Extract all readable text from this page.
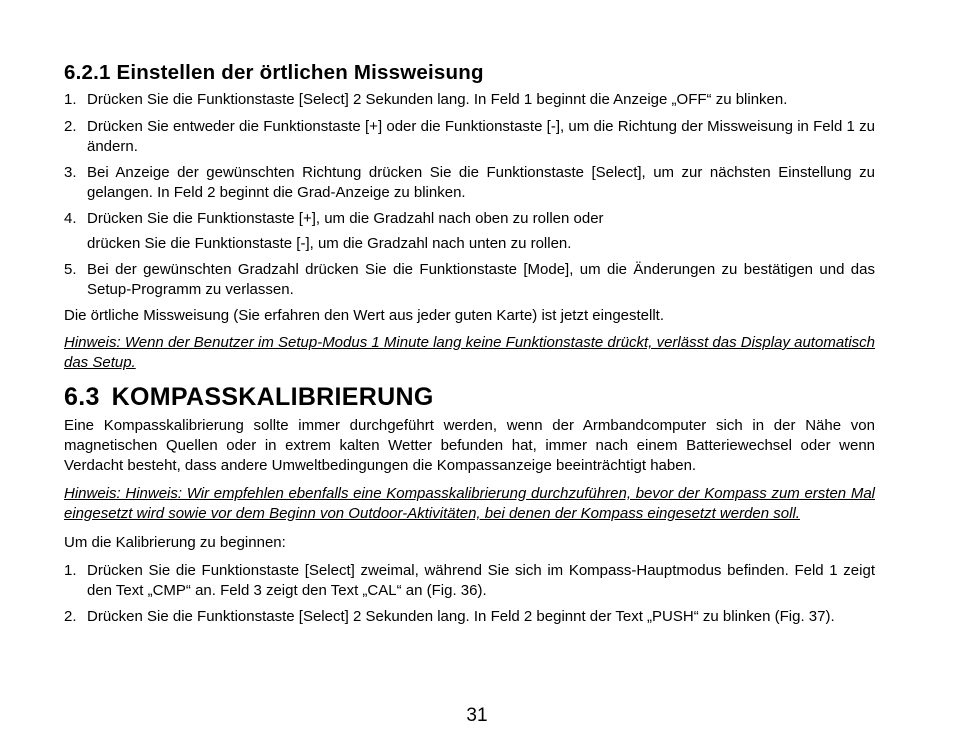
6.2.1 Einstellen der örtlichen Missweisung
1. Drücken Sie die Funktionstaste [Select] 2 Sekunden lang. In Feld 1 beginnt die Anzeige „OFF“ zu blinken.
2. Drücken Sie entweder die Funktionstaste [+] oder die Funktionstaste [-], um die Richtung der Missweisung in Feld 1 zu ändern.
3. Bei Anzeige der gewünschten Richtung drücken Sie die Funktionstaste [Select], um zur nächsten Einstellung zu gelangen. In Feld 2 beginnt die Grad-Anzeige zu blinken.
4. Drücken Sie die Funktionstaste [+], um die Gradzahl nach oben zu rollen oder
drücken Sie die Funktionstaste [-], um die Gradzahl nach unten zu rollen.
5. Bei der gewünschten Gradzahl drücken Sie die Funktionstaste [Mode], um die Änderungen zu bestätigen und das Setup-Programm zu verlassen.

Die örtliche Missweisung (Sie erfahren den Wert aus jeder guten Karte) ist jetzt eingestellt.

Hinweis: Wenn der Benutzer im Setup-Modus 1 Minute lang keine Funktionstaste drückt, verlässt das Display automatisch das Setup.

6.3 KOMPASSKALIBRIERUNG

Eine Kompasskalibrierung sollte immer durchgeführt werden, wenn der Armbandcomputer sich in der Nähe von magnetischen Quellen oder in extrem kalten Wetter befunden hat, immer nach einem Batteriewechsel oder wenn Verdacht besteht, dass andere Umweltbedingungen die Kompassanzeige beeinträchtigt haben.

Hinweis: Hinweis: Wir empfehlen ebenfalls eine Kompasskalibrierung durchzuführen, bevor der Kompass zum ersten Mal eingesetzt wird sowie vor dem Beginn von Outdoor-Aktivitäten, bei denen der Kompass eingesetzt werden soll.

Um die Kalibrierung zu beginnen:

1. Drücken Sie die Funktionstaste [Select] zweimal, während Sie sich im Kompass-Hauptmodus befinden. Feld 1 zeigt den Text „CMP“ an. Feld 3 zeigt den Text „CAL“ an (Fig. 36).
2. Drücken Sie die Funktionstaste [Select] 2 Sekunden lang. In Feld 2 beginnt der Text „PUSH“ zu blinken (Fig. 37).
31
